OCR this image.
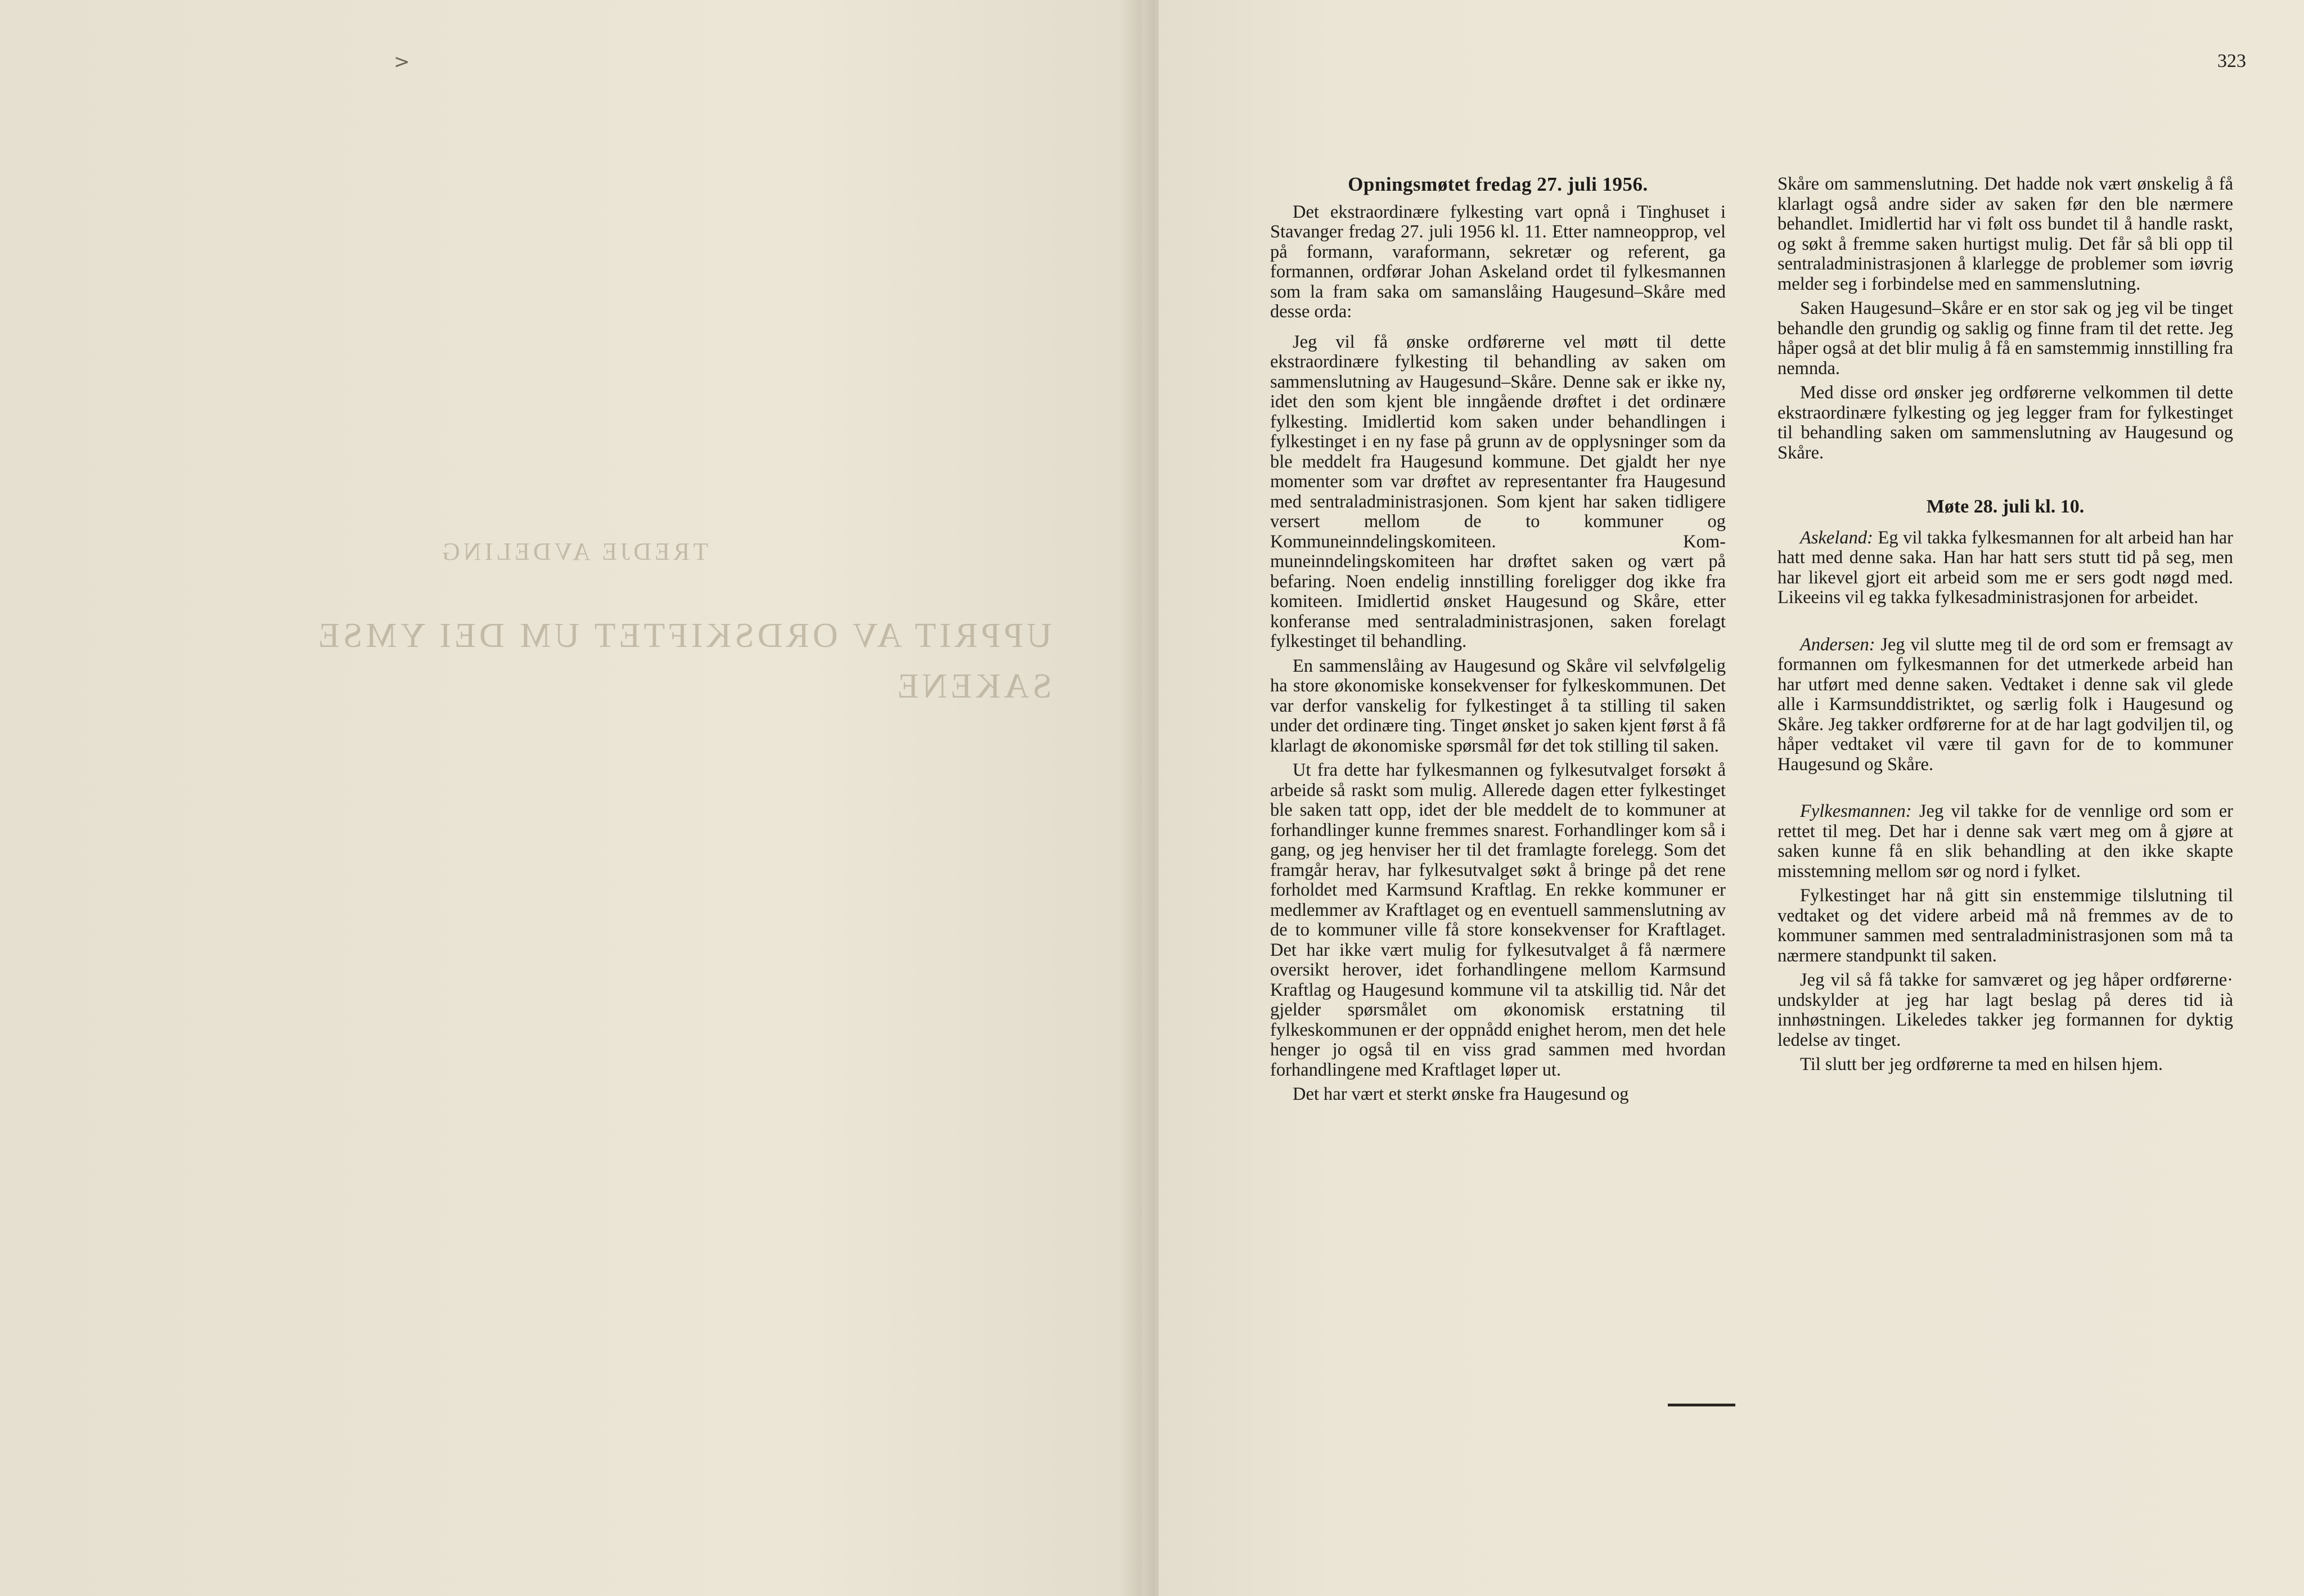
TREDJE AVDELING
UPPRIT AV ORDSKIFTET UM DEI YMSE SAKENE
>	323
Opningsmøtet fredag 27. juli 1956.

Det ekstraordinære fylkesting vart opnå i Tinghuset i Stavanger fredag 27. juli 1956 kl. 11. Etter namneopprop, vel på formann, varaformann, sekretær og referent, ga formannen, ordførar Johan Askeland ordet til fylkesmannen som la fram saka om samanslåing Haugesund–Skåre med desse orda:

Jeg vil få ønske ordførerne vel møtt til dette ekstraordinære fylkesting til behandling av saken om sammenslutning av Haugesund–Skåre. Denne sak er ikke ny, idet den som kjent ble inngående drøftet i det ordinære fylkesting. Imidlertid kom saken under behandlingen i fylkestinget i en ny fase på grunn av de opplysninger som da ble meddelt fra Haugesund kommune. Det gjaldt her nye momenter som var drøftet av representanter fra Haugesund med sentraladministrasjonen. Som kjent har saken tidligere versert mellom de to kommuner og Kommuneinndelingskomiteen. Kom-muneinndelingskomiteen har drøftet saken og vært på befaring. Noen endelig innstilling foreligger dog ikke fra komiteen. Imidlertid ønsket Haugesund og Skåre, etter konferanse med sentraladministrasjonen, saken forelagt fylkestinget til behandling.

En sammenslåing av Haugesund og Skåre vil selvfølgelig ha store økonomiske konsekvenser for fylkeskommunen. Det var derfor vanskelig for fylkestinget å ta stilling til saken under det ordinære ting. Tinget ønsket jo saken kjent først å få klarlagt de økonomiske spørsmål før det tok stilling til saken.

Ut fra dette har fylkesmannen og fylkesutvalget forsøkt å arbeide så raskt som mulig. Allerede dagen etter fylkestinget ble saken tatt opp, idet der ble meddelt de to kommuner at forhandlinger kunne fremmes snarest. Forhandlinger kom så i gang, og jeg henviser her til det framlagte forelegg. Som det framgår herav, har fylkesutvalget søkt å bringe på det rene forholdet med Karmsund Kraftlag. En rekke kommuner er medlemmer av Kraftlaget og en eventuell sammenslutning av de to kommuner ville få store konsekvenser for Kraftlaget. Det har ikke vært mulig for fylkesutvalget å få nærmere oversikt herover, idet forhandlingene mellom Karmsund Kraftlag og Haugesund kommune vil ta atskillig tid. Når det gjelder spørsmålet om økonomisk erstatning til fylkeskommunen er der oppnådd enighet herom, men det hele henger jo også til en viss grad sammen med hvordan forhandlingene med Kraftlaget løper ut.

Det har vært et sterkt ønske fra Haugesund og

Skåre om sammenslutning. Det hadde nok vært ønskelig å få klarlagt også andre sider av saken før den ble nærmere behandlet. Imidlertid har vi følt oss bundet til å handle raskt, og søkt å fremme saken hurtigst mulig. Det får så bli opp til sentraladministrasjonen å klarlegge de problemer som iøvrig melder seg i forbindelse med en sammenslutning.

Saken Haugesund–Skåre er en stor sak og jeg vil be tinget behandle den grundig og saklig og finne fram til det rette. Jeg håper også at det blir mulig å få en samstemmig innstilling fra nemnda.

Med disse ord ønsker jeg ordførerne velkommen til dette ekstraordinære fylkesting og jeg legger fram for fylkestinget til behandling saken om sammenslutning av Haugesund og Skåre.

Møte 28. juli kl. 10.

Askeland: Eg vil takka fylkesmannen for alt arbeid han har hatt med denne saka. Han har hatt sers stutt tid på seg, men har likevel gjort eit arbeid som me er sers godt nøgd med. Likeeins vil eg takka fylkesadministrasjonen for arbeidet.

Andersen: Jeg vil slutte meg til de ord som er fremsagt av formannen om fylkesmannen for det utmerkede arbeid han har utført med denne saken. Vedtaket i denne sak vil glede alle i Karmsunddistriktet, og særlig folk i Haugesund og Skåre. Jeg takker ordførerne for at de har lagt godviljen til, og håper vedtaket vil være til gavn for de to kommuner Haugesund og Skåre.

Fylkesmannen: Jeg vil takke for de vennlige ord som er rettet til meg. Det har i denne sak vært meg om å gjøre at saken kunne få en slik behandling at den ikke skapte misstemning mellom sør og nord i fylket.

Fylkestinget har nå gitt sin enstemmige tilslutning til vedtaket og det videre arbeid må nå fremmes av de to kommuner sammen med sentraladministrasjonen som må ta nærmere standpunkt til saken.

Jeg vil så få takke for samværet og jeg håper ordførerne· undskylder at jeg har lagt beslag på deres tid ià innhøstningen. Likeledes takker jeg formannen for dyktig ledelse av tinget.

Til slutt ber jeg ordførerne ta med en hilsen hjem.
